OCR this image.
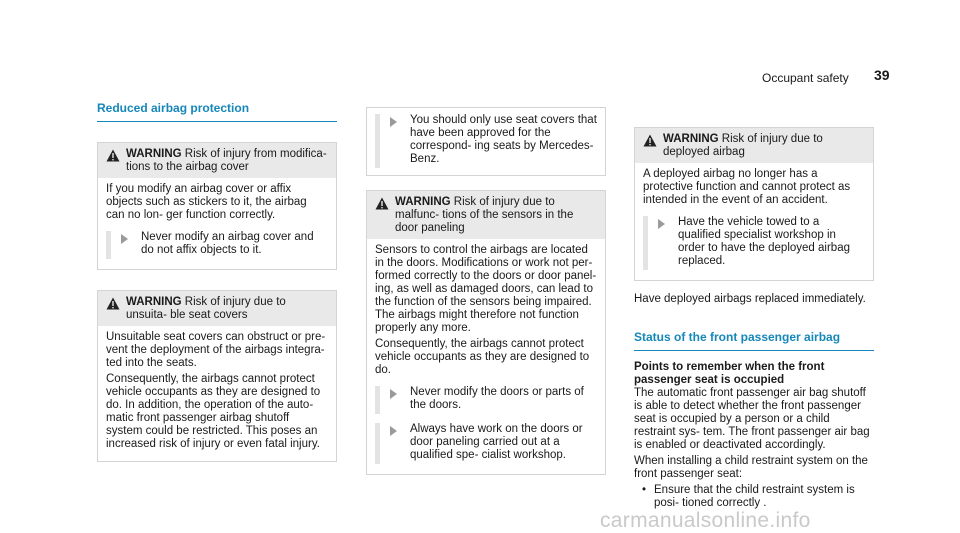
Occupant safety 39
Reduced airbag protection
WARNING Risk of injury from modifica- tions to the airbag cover

If you modify an airbag cover or affix objects such as stickers to it, the airbag can no lon- ger function correctly.

Never modify an airbag cover and do not affix objects to it.
WARNING Risk of injury due to unsuita- ble seat covers

Unsuitable seat covers can obstruct or pre- vent the deployment of the airbags integra- ted into the seats.

Consequently, the airbags cannot protect vehicle occupants as they are designed to do. In addition, the operation of the auto- matic front passenger airbag shutoff system could be restricted. This poses an increased risk of injury or even fatal injury.

You should only use seat covers that have been approved for the correspond- ing seats by Mercedes-Benz.
WARNING Risk of injury due to malfunc- tions of the sensors in the door paneling

Sensors to control the airbags are located in the doors. Modifications or work not per- formed correctly to the doors or door panel- ing, as well as damaged doors, can lead to the function of the sensors being impaired. The airbags might therefore not function properly any more.

Consequently, the airbags cannot protect vehicle occupants as they are designed to do.

Never modify the doors or parts of the doors.
Always have work on the doors or door paneling carried out at a qualified spe- cialist workshop.
WARNING Risk of injury due to deployed airbag

A deployed airbag no longer has a protective function and cannot protect as intended in the event of an accident.

Have the vehicle towed to a qualified specialist workshop in order to have the deployed airbag replaced.

Have deployed airbags replaced immediately.

Status of the front passenger airbag

Points to remember when the front passenger seat is occupied

The automatic front passenger air bag shutoff is able to detect whether the front passenger seat is occupied by a person or a child restraint sys- tem. The front passenger air bag is enabled or deactivated accordingly.

When installing a child restraint system on the front passenger seat:

• Ensure that the child restraint system is posi- tioned correctly .
carmanualsonline.info
